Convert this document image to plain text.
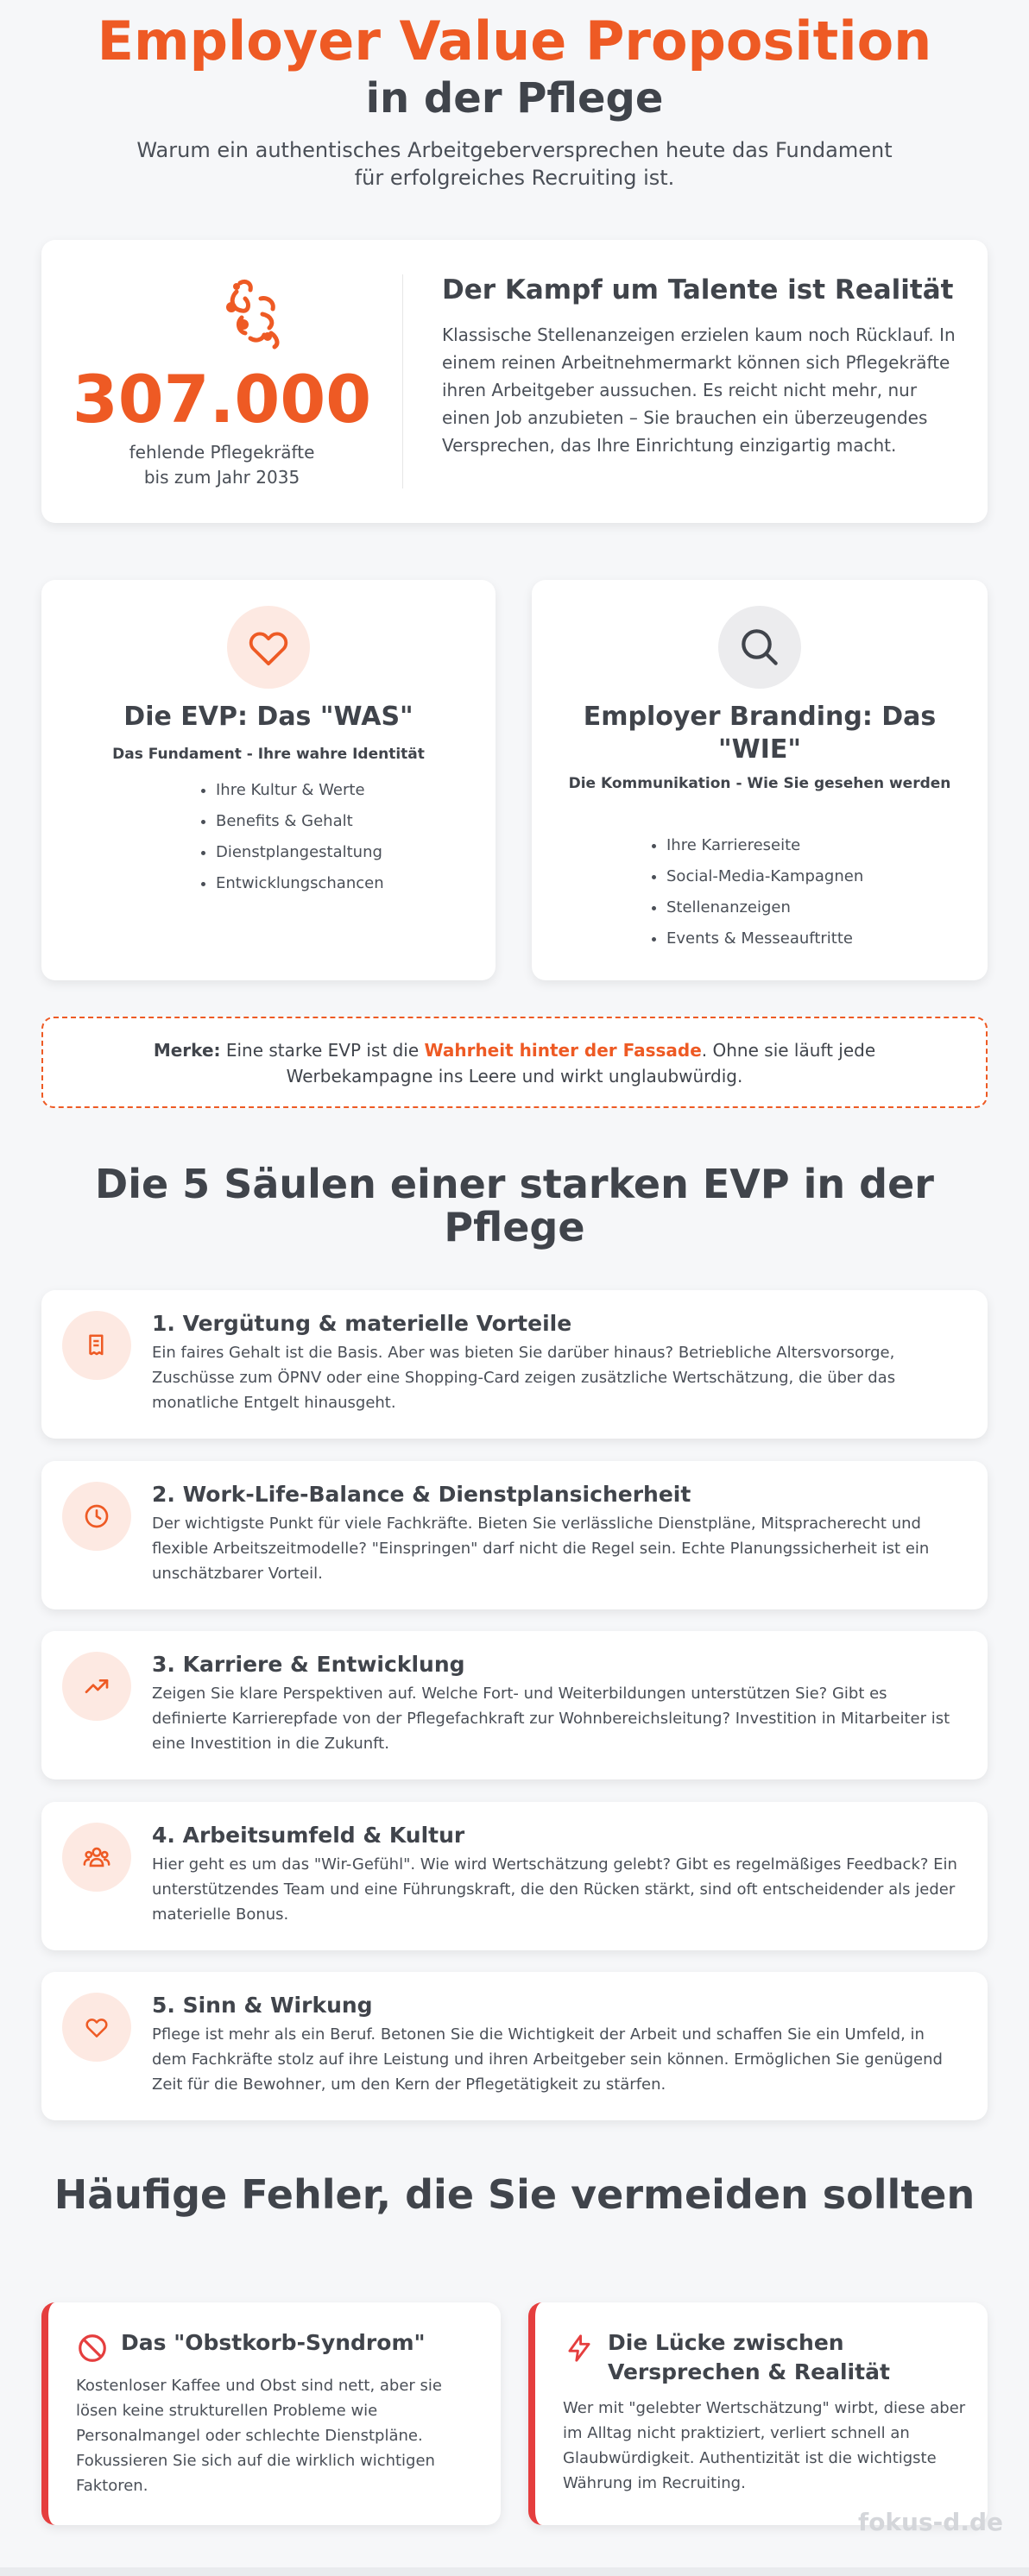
Employer Value Proposition
in der Pflege

Warum ein authentisches Arbeitgeberversprechen heute das Fundament für erfolgreiches Recruiting ist.

307.000
fehlende Pflegekräfte
bis zum Jahr 2035
Der Kampf um Talente ist Realität

Klassische Stellenanzeigen erzielen kaum noch Rücklauf. In einem reinen Arbeitnehmermarkt können sich Pflegekräfte ihren Arbeitgeber aussuchen. Es reicht nicht mehr, nur einen Job anzubieten – Sie brauchen ein überzeugendes Versprechen, das Ihre Einrichtung einzigartig macht.

Die EVP: Das "WAS"
Das Fundament - Ihre wahre Identität
• Ihre Kultur & Werte
• Benefits & Gehalt
• Dienstplangestaltung
• Entwicklungschancen
Employer Branding: Das "WIE"
Die Kommunikation - Wie Sie gesehen werden
• Ihre Karriereseite
• Social-Media-Kampagnen
• Stellenanzeigen
• Events & Messeauftritte
Merke: Eine starke EVP ist die Wahrheit hinter der Fassade. Ohne sie läuft jede Werbekampagne ins Leere und wirkt unglaubwürdig.
Die 5 Säulen einer starken EVP in der Pflege
1. Vergütung & materielle Vorteile

Ein faires Gehalt ist die Basis. Aber was bieten Sie darüber hinaus? Betriebliche Altersvorsorge, Zuschüsse zum ÖPNV oder eine Shopping-Card zeigen zusätzliche Wertschätzung, die über das monatliche Entgelt hinausgeht.

2. Work-Life-Balance & Dienstplansicherheit

Der wichtigste Punkt für viele Fachkräfte. Bieten Sie verlässliche Dienstpläne, Mitspracherecht und flexible Arbeitszeitmodelle? "Einspringen" darf nicht die Regel sein. Echte Planungssicherheit ist ein unschätzbarer Vorteil.

3. Karriere & Entwicklung

Zeigen Sie klare Perspektiven auf. Welche Fort- und Weiterbildungen unterstützen Sie? Gibt es definierte Karrierepfade von der Pflegefachkraft zur Wohnbereichsleitung? Investition in Mitarbeiter ist eine Investition in die Zukunft.

4. Arbeitsumfeld & Kultur

Hier geht es um das "Wir-Gefühl". Wie wird Wertschätzung gelebt? Gibt es regelmäßiges Feedback? Ein unterstützendes Team und eine Führungskraft, die den Rücken stärkt, sind oft entscheidender als jeder materielle Bonus.

5. Sinn & Wirkung

Pflege ist mehr als ein Beruf. Betonen Sie die Wichtigkeit der Arbeit und schaffen Sie ein Umfeld, in dem Fachkräfte stolz auf ihre Leistung und ihren Arbeitgeber sein können. Ermöglichen Sie genügend Zeit für die Bewohner, um den Kern der Pflegetätigkeit zu stärfen.

Häufige Fehler, die Sie vermeiden sollten
Das "Obstkorb-Syndrom"

Kostenloser Kaffee und Obst sind nett, aber sie lösen keine strukturellen Probleme wie Personalmangel oder schlechte Dienstpläne. Fokussieren Sie sich auf die wirklich wichtigen Faktoren.

Die Lücke zwischen Versprechen & Realität

Wer mit "gelebter Wertschätzung" wirbt, diese aber im Alltag nicht praktiziert, verliert schnell an Glaubwürdigkeit. Authentizität ist die wichtigste Währung im Recruiting.

fokus-d.de
